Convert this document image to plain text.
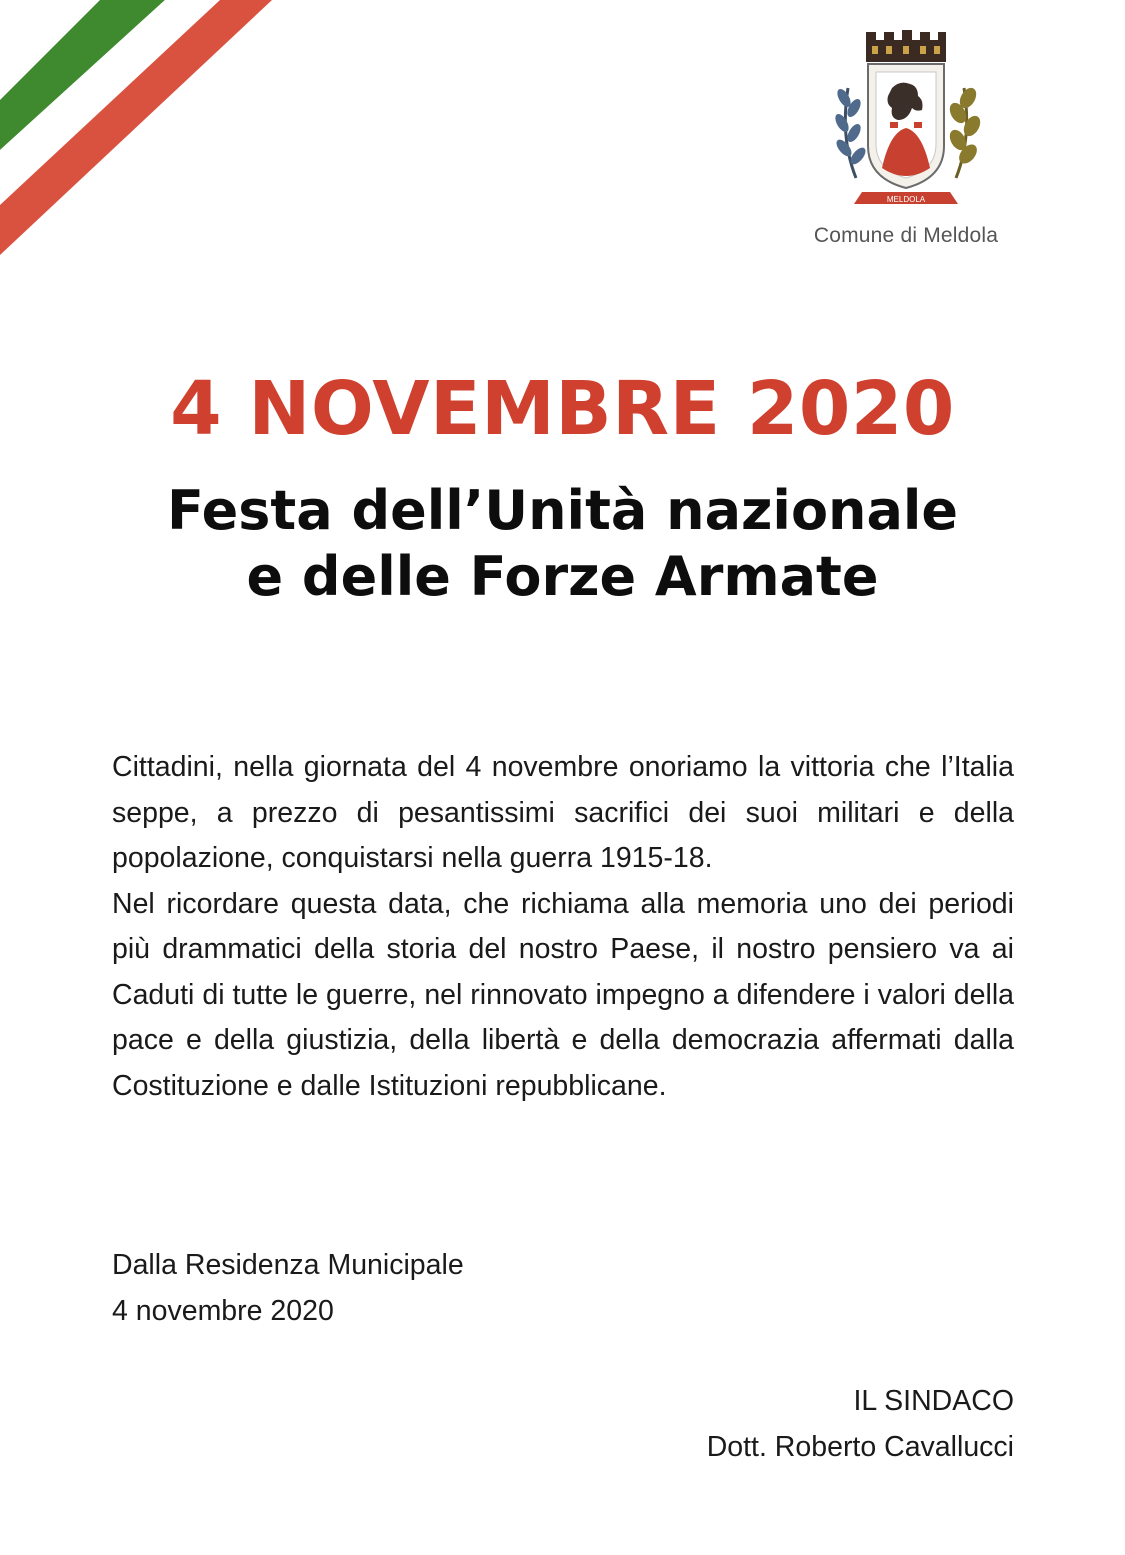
MELDOLA
Comune di Meldola
4 NOVEMBRE 2020
Festa dell’Unità nazionale
e delle Forze Armate

Cittadini, nella giornata del 4 novembre onoriamo la vittoria che l’Italia seppe, a prezzo di pesantissimi sacrifici dei suoi militari e della popolazione, conquistarsi nella guerra 1915-18.

Nel ricordare questa data, che richiama alla memoria uno dei periodi più drammatici della storia del nostro Paese, il nostro pensiero va ai Caduti di tutte le guerre, nel rinnovato impegno a difendere i valori della pace e della giustizia, della libertà e della democrazia affermati dalla Costituzione e dalle Istituzioni repubblicane.

Dalla Residenza Municipale
4 novembre 2020
IL SINDACO
Dott. Roberto Cavallucci
